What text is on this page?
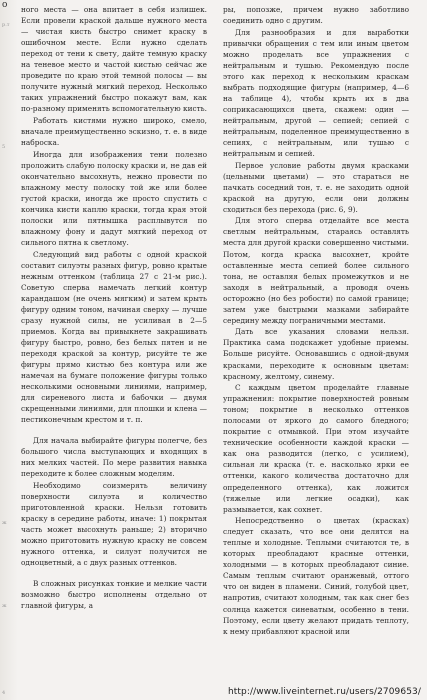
о
р.т
5
ж
ж
4

ного места — она впитает в себя излишек. Если провели краской дальше нужного места — чистая кисть быстро снимет краску в ошибочном месте. Если нужно сделать переход от тени к свету, дайте темную краску на теневое место и частой кистью сейчас же проведите по краю этой темной полосы — вы получите нужный мягкий переход. Несколько таких упражнений быстро покажут вам, как по-разному применять вспомогательную кисть.

Работать кистями нужно широко, смело, вначале преимущественно эскизно, т. е. в виде наброска.

Иногда для изображения тени полезно проложить слабую полоску краски и, не дав ей окончательно высохнуть, нежно провести по влажному месту полоску той же или более густой краски, иногда же просто спустить с кончика кисти каплю краски, тогда края этой полоски или пятнышка расплывутся по влажному фону и дадут мягкий переход от сильного пятна к светлому.

Следующий вид работы с одной краской составит силуэты разных фигур, ровно крытые нежным оттенком (таблица 27 с 21-м рис.). Советую сперва намечать легкий контур карандашом (не очень мягким) и затем крыть фигуру одним тоном, начиная сверху — лучше сразу нужной силы, не усиливая в 2—5 приемов. Когда вы привыкнете закрашивать фигуру быстро, ровно, без белых пятен и не переходя краской за контур, рисуйте те же фигуры прямо кистью без контура или же намечая на бумаге положение фигуры только несколькими основными линиями, например, для сиреневого листа и бабочки — двумя скрещенными линиями, для плошки и клена — пестиконечным крестом и т. п.

Для начала выбирайте фигуры полегче, без большого числа выступающих и входящих в них мелких частей. По мере развития навыка переходите к более сложным моделям.

Необходимо соизмерять величину поверхности силуэта и количество приготовленной краски. Нельзя готовить краску в середине работы, иначе: 1) покрытая часть может высохнуть раньше; 2) вторично можно приготовить нужную краску не совсем нужного оттенка, и силуэт получится не одноцветный, а с двух разных оттенков.

В сложных рисунках тонкие и мелкие части возможно быстро исполнены отдельно от главной фигуры, а

ры, попозже, причем нужно заботливо соединить одно с другим.

Для разнообразия и для выработки привычки обращения с тем или иным цветом можно проделать все упражнения с нейтральным и тушью. Рекомендую после этого как переход к нескольким краскам выбрать подходящие фигуры (например, 4—6 на таблице 4), чтобы крыть их в два соприкасающихся цвета, скажем: один — нейтральным, другой — сепией; сепией с нейтральным, поделенное преимущественно в сепиях, с нейтральным, или тушью с нейтральным и сепией.

Первое условие работы двумя красками (цельными цветами) — это стараться не пачкать соседний тон, т. е. не заходить одной краской на другую, если они должны сходиться без перехода (рис. 6, 9).

Для этого сперва отделайте все места светлым нейтральным, стараясь оставлять места для другой краски совершенно чистыми. Потом, когда краска высохнет, кройте оставленные места сепией более сильного тона, не оставляя белых промежутков и не заходя в нейтральный, а проводя очень осторожно (но без робости) по самой границе; затем уже быстрыми мазками забирайте середину между пограничными местами.

Дать все указания словами нельзя. Практика сама подскажет удобные приемы. Больше рисуйте. Основавшись с одной-двумя красками, переходите к основным цветам: красному, желтому, синему.

С каждым цветом проделайте главные упражнения: покрытие поверхностей ровным тоном; покрытие в несколько оттенков полосами от яркого до самого бледного; покрытие с отмывкой. При этом изучайте технические особенности каждой краски — как она разводится (легко, с усилием), сильная ли краска (т. е. насколько ярки ее оттенки, какого количества достаточно для определенного оттенка), как ложится (тяжелые или легкие осадки), как размывается, как сохнет.

Непосредственно о цветах (красках) следует сказать, что все они делятся на теплые и холодные. Теплыми считаются те, в которых преобладают красные оттенки, холодными — в которых преобладают синие. Самым теплым считают оранжевый, оттого что он виден в пламени. Синий, голубой цвет, напротив, считают холодным, так как снег без солнца кажется синеватым, особенно в тени. Поэтому, если цвету желают придать теплоту, к нему прибавляют красной или

http://www.liveinternet.ru/users/2709653/
